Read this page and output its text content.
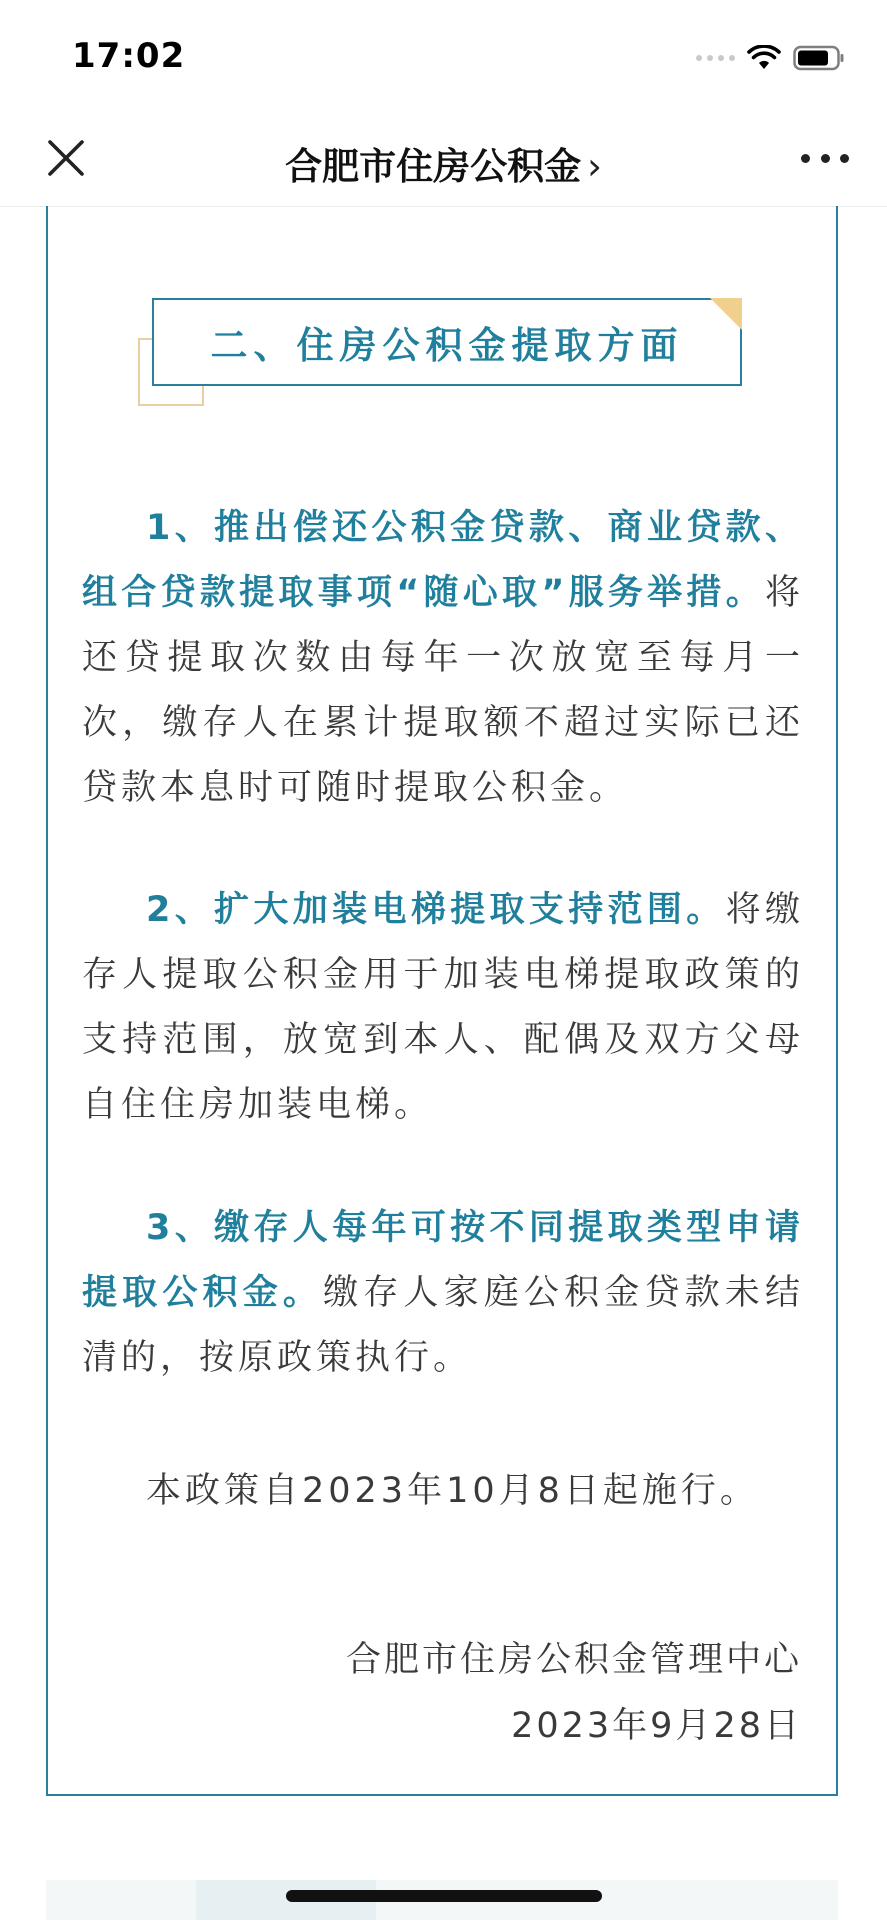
17:02
合肥市住房公积金 ›
二、住房公积金提取方面
1、推出偿还公积金贷款、商业贷款、组合贷款提取事项“随心取”服务举措。将还贷提取次数由每年一次放宽至每月一次，缴存人在累计提取额不超过实际已还贷款本息时可随时提取公积金。
2、扩大加装电梯提取支持范围。将缴存人提取公积金用于加装电梯提取政策的支持范围，放宽到本人、配偶及双方父母自住住房加装电梯。
3、缴存人每年可按不同提取类型申请提取公积金。缴存人家庭公积金贷款未结清的，按原政策执行。
本政策自2023年10月8日起施行。
合肥市住房公积金管理中心
2023年9月28日
